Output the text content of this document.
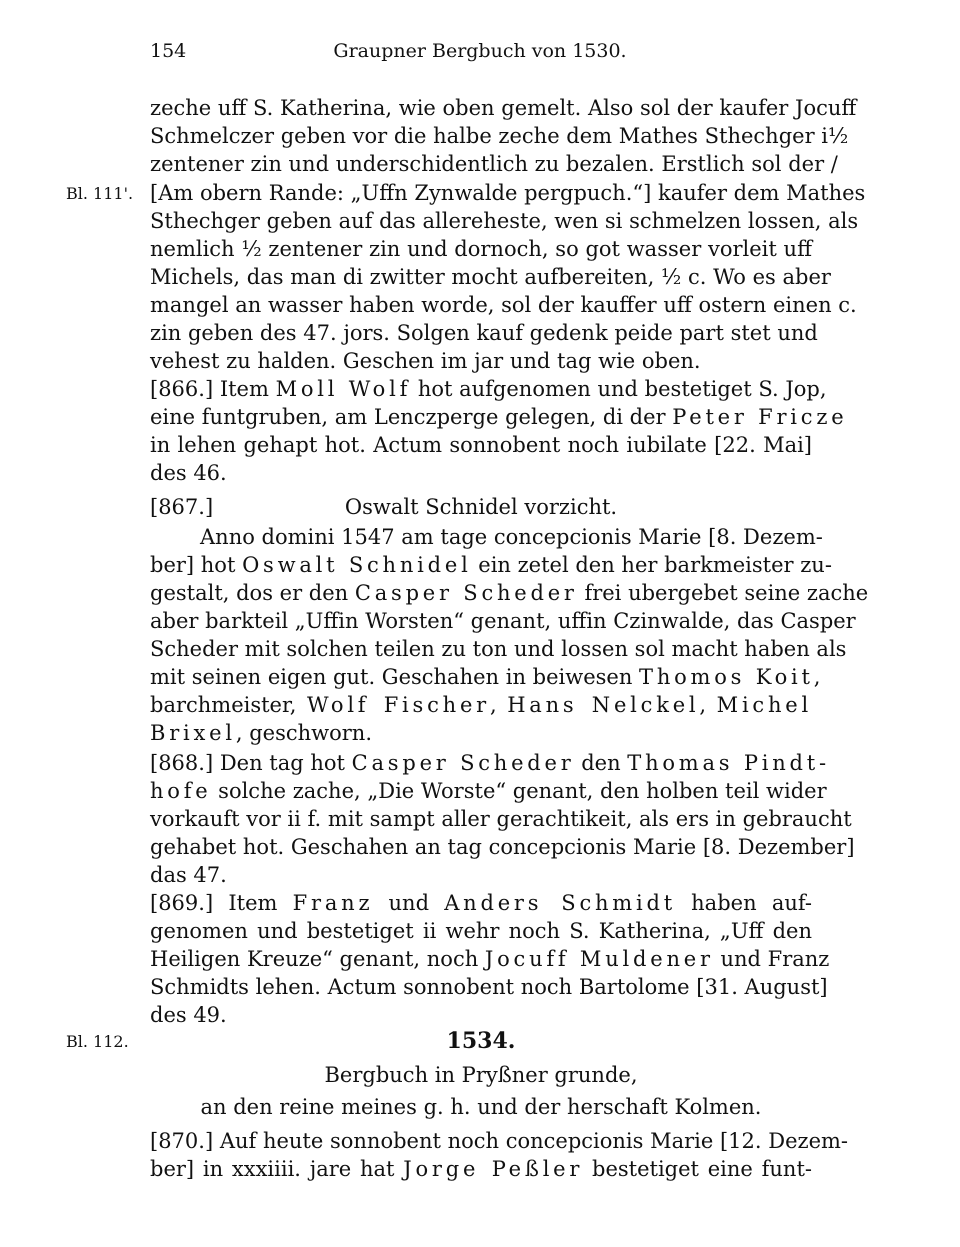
154	Graupner Bergbuch von 1530.
zeche uff S. Katherina, wie oben gemelt. Also sol der kaufer Jocuff
Schmelczer geben vor die halbe zeche dem Mathes Sthechger i½
zentener zin und underschidentlich zu bezalen. Erstlich sol der /
Bl. 111'. [Am obern Rande: „Uffn Zynwalde pergpuch.“] kaufer dem Mathes
Sthechger geben auf das allereheste, wen si schmelzen lossen, als
nemlich ½ zentener zin und dornoch, so got wasser vorleit uff
Michels, das man di zwitter mocht aufbereiten, ½ c. Wo es aber
mangel an wasser haben worde, sol der kauffer uff ostern einen c.
zin geben des 47. jors. Solgen kauf gedenk peide part stet und
vehest zu halden. Geschen im jar und tag wie oben.
[866.] Item Moll Wolf hot aufgenomen und bestetiget S. Jop,
eine funtgruben, am Lenczperge gelegen, di der Peter Fricze
in lehen gehapt hot. Actum sonnobent noch iubilate [22. Mai]
des 46.
[867.]	Oswalt Schnidel vorzicht.
Anno domini 1547 am tage concepcionis Marie [8. Dezem-
ber] hot Oswalt Schnidel ein zetel den her barkmeister zu-
gestalt, dos er den Casper Scheder frei ubergebet seine zache
aber barkteil „Uffin Worsten“ genant, uffin Czinwalde, das Casper
Scheder mit solchen teilen zu ton und lossen sol macht haben als
mit seinen eigen gut. Geschahen in beiwesen Thomos Koit,
barchmeister, Wolf Fischer, Hans Nelckel, Michel
Brixel, geschworn.
[868.] Den tag hot Casper Scheder den Thomas Pindt-
hofe solche zache, „Die Worste“ genant, den holben teil wider
vorkauft vor ii f. mit sampt aller gerachtikeit, als ers in gebraucht
gehabet hot. Geschahen an tag concepcionis Marie [8. Dezember]
das 47.
[869.] Item Franz und Anders Schmidt haben auf-
genomen und bestetiget ii wehr noch S. Katherina, „Uff den
Heiligen Kreuze“ genant, noch Jocuff Muldener und Franz
Schmidts lehen. Actum sonnobent noch Bartolome [31. August]
des 49.
Bl. 112.	1534.
Bergbuch in Pryßner grunde,
an den reine meines g. h. und der herschaft Kolmen.
[870.] Auf heute sonnobent noch concepcionis Marie [12. Dezem-
ber] in xxxiiii. jare hat Jorge Peßler bestetiget eine funt-
